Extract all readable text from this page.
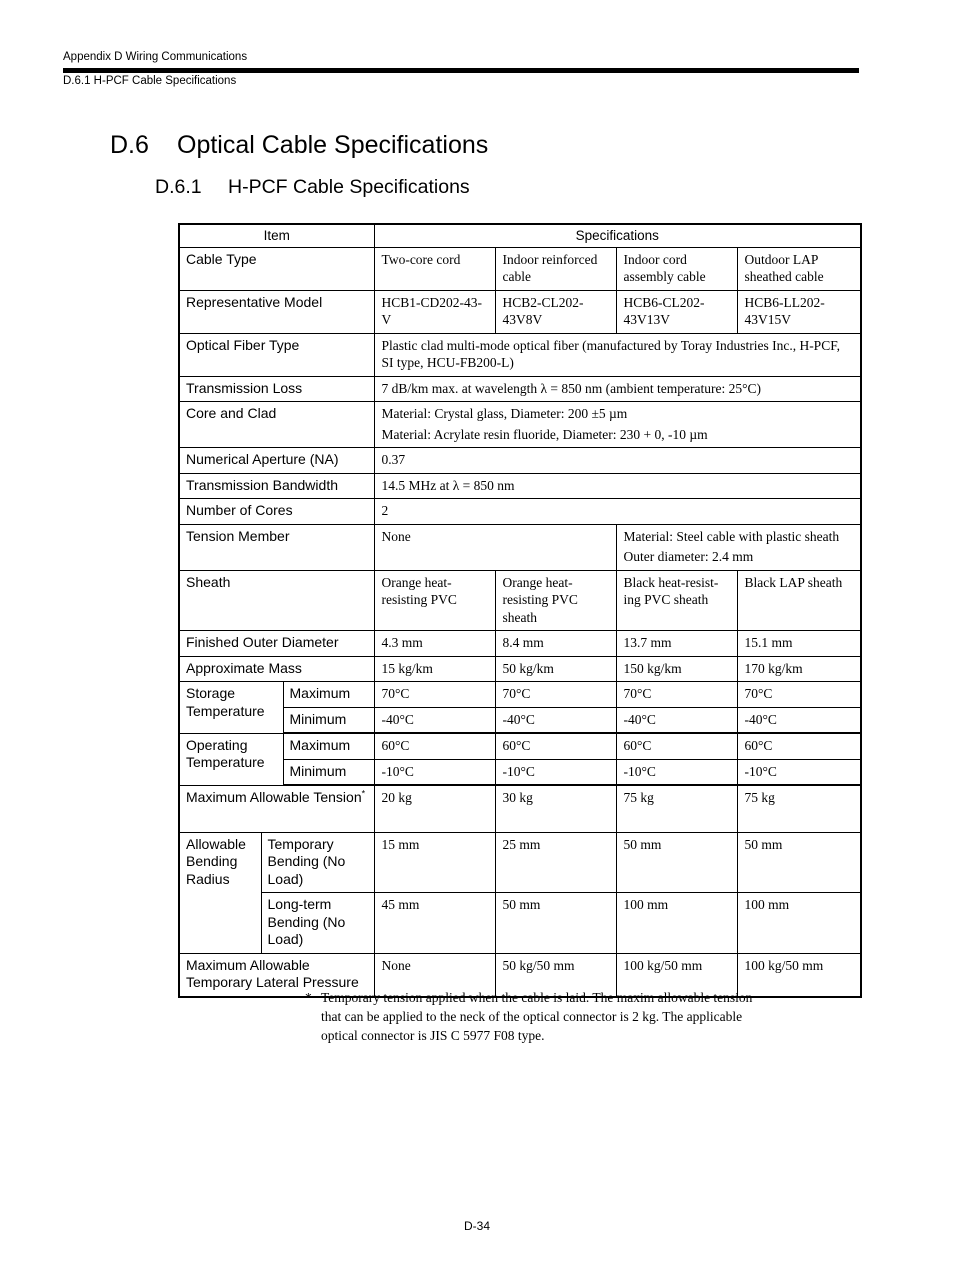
Appendix D Wiring Communications
D.6.1 H-PCF Cable Specifications
D.6 Optical Cable Specifications
D.6.1 H-PCF Cable Specifications
Item			Specifications			
Cable Type			Two-core cord	Indoor reinforced cable	Indoor cord assembly cable	Outdoor LAP sheathed cable
Representative Model			HCB1-CD202-43-V	HCB2-CL202-43V8V	HCB6-CL202-43V13V	HCB6-LL202-43V15V
Optical Fiber Type			Plastic clad multi-mode optical fiber (manufactured by Toray Industries Inc., H-PCF, SI type, HCU-FB200-L)			
Transmission Loss			7 dB/km max. at wavelength λ = 850 nm (ambient temperature: 25°C)			
Core and Clad			Material: Crystal glass, Diameter: 200 ±5 µm
Material: Acrylate resin fluoride, Diameter: 230 + 0, -10 µm			

Numerical Aperture (NA)			0.37			
Transmission Bandwidth			14.5 MHz at λ = 850 nm			
Number of Cores			2			
Tension Member			None		Material: Steel cable with plastic sheath
Outer diameter: 2.4 mm	

Sheath			Orange heat-resisting PVC	Orange heat-resisting PVC sheath	Black heat-resist-ing PVC sheath	Black LAP sheath
Finished Outer Diameter			4.3 mm	8.4 mm	13.7 mm	15.1 mm
Approximate Mass			15 kg/km	50 kg/km	150 kg/km	170 kg/km
Storage Temperature		Maximum	70°C	70°C	70°C	70°C
		Minimum	-40°C	-40°C	-40°C	-40°C
Operating Temperature		Maximum	60°C	60°C	60°C	60°C
		Minimum	-10°C	-10°C	-10°C	-10°C
Maximum Allowable Tension*			20 kg	30 kg	75 kg	75 kg
Allowable Bending Radius	Temporary Bending (No Load)		15 mm	25 mm	50 mm	50 mm
	Long-term Bending (No Load)		45 mm	50 mm	100 mm	100 mm
Maximum Allowable Temporary Lateral Pressure			None	50 kg/50 mm	100 kg/50 mm	100 kg/50 mm
* Temporary tension applied when the cable is laid. The maxim allowable tension that can be applied to the neck of the optical connector is 2 kg. The applicable optical connector is JIS C 5977 F08 type.
D-34
